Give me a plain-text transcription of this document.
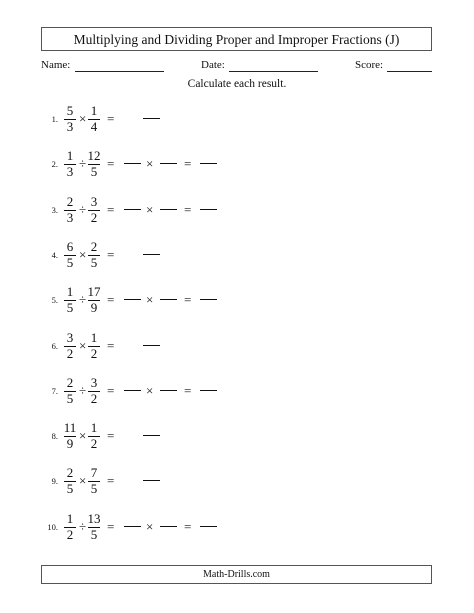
Multiplying and Dividing Proper and Improper Fractions (J)
Name:	Date:	Score:
Calculate each result.
1.
5
3
×
1
4
=
2.
1
3
÷
12
5
= × =
3.
2
3
÷
3
2
= × =
4.
6
5
×
2
5
=
5.
1
5
÷
17
9
= × =
6.
3
2
×
1
2
=
7.
2
5
÷
3
2
= × =
8.
11
9
×
1
2
=
9.
2
5
×
7
5
=
10.
1
2
÷
13
5
= × =
Math-Drills.com
